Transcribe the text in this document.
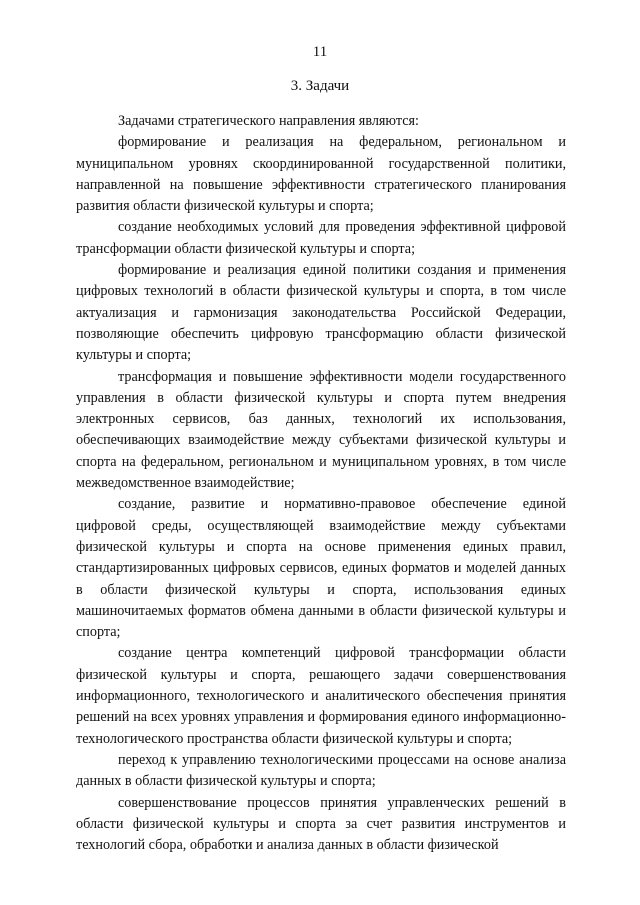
11
3. Задачи

Задачами стратегического направления являются:

формирование и реализация на федеральном, региональном и муниципальном уровнях скоординированной государственной политики, направленной на повышение эффективности стратегического планирования развития области физической культуры и спорта;

создание необходимых условий для проведения эффективной цифровой трансформации области физической культуры и спорта;

формирование и реализация единой политики создания и применения цифровых технологий в области физической культуры и спорта, в том числе актуализация и гармонизация законодательства Российской Федерации, позволяющие обеспечить цифровую трансформацию области физической культуры и спорта;

трансформация и повышение эффективности модели государственного управления в области физической культуры и спорта путем внедрения электронных сервисов, баз данных, технологий их использования, обеспечивающих взаимодействие между субъектами физической культуры и спорта на федеральном, региональном и муниципальном уровнях, в том числе межведомственное взаимодействие;

создание, развитие и нормативно-правовое обеспечение единой цифровой среды, осуществляющей взаимодействие между субъектами физической культуры и спорта на основе применения единых правил, стандартизированных цифровых сервисов, единых форматов и моделей данных в области физической культуры и спорта, использования единых машиночитаемых форматов обмена данными в области физической культуры и спорта;

создание центра компетенций цифровой трансформации области физической культуры и спорта, решающего задачи совершенствования информационного, технологического и аналитического обеспечения принятия решений на всех уровнях управления и формирования единого информационно-технологического пространства области физической культуры и спорта;

переход к управлению технологическими процессами на основе анализа данных в области физической культуры и спорта;

совершенствование процессов принятия управленческих решений в области физической культуры и спорта за счет развития инструментов и технологий сбора, обработки и анализа данных в области физической
